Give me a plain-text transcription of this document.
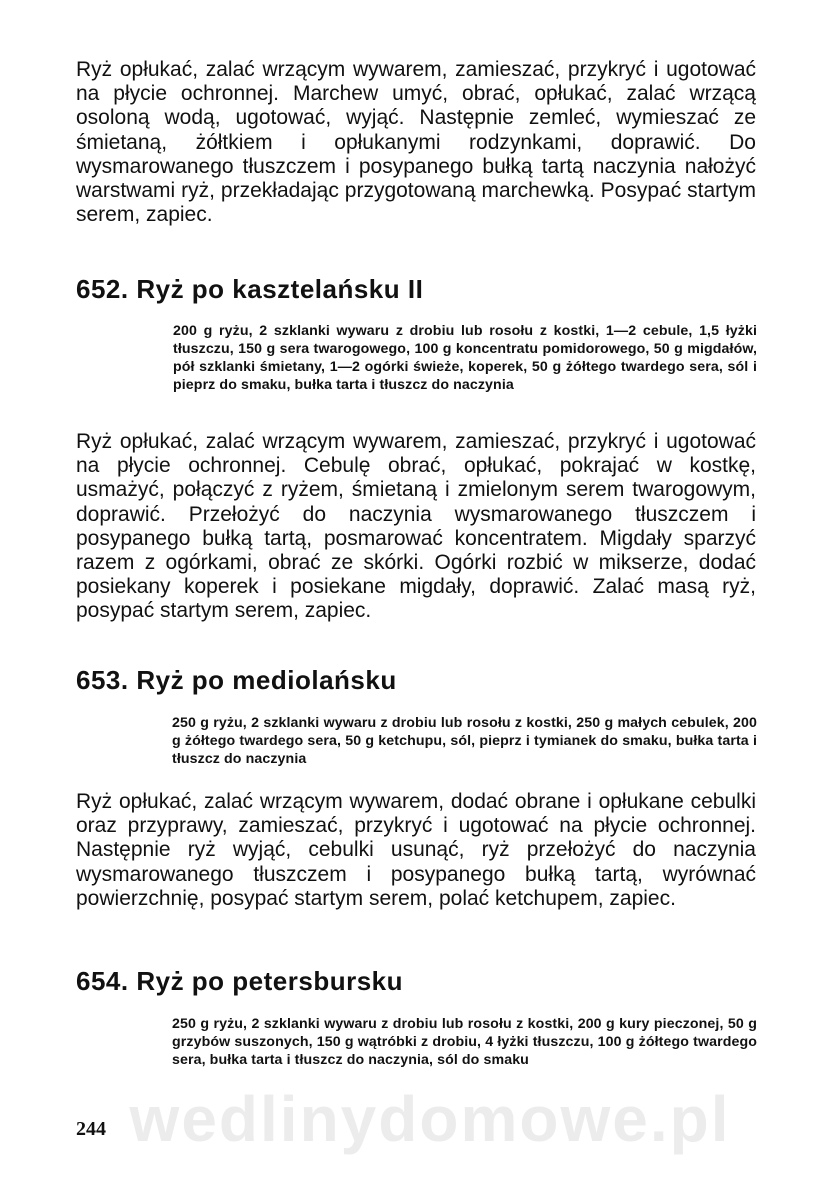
Ryż opłukać, zalać wrzącym wywarem, zamieszać, przykryć i ugotować na płycie ochronnej. Marchew umyć, obrać, opłukać, zalać wrzącą osoloną wodą, ugotować, wyjąć. Następnie zemleć, wymieszać ze śmietaną, żółtkiem i opłukanymi rodzynkami, doprawić. Do wysmarowanego tłuszczem i posypanego bułką tartą naczynia nałożyć warstwami ryż, przekładając przygotowaną marchewką. Posypać startym serem, zapiec.

652. Ryż po kasztelańsku II

200 g ryżu, 2 szklanki wywaru z drobiu lub rosołu z kostki, 1—2 cebule, 1,5 łyżki tłuszczu, 150 g sera twarogowego, 100 g koncentratu pomidorowego, 50 g migdałów, pół szklanki śmietany, 1—2 ogórki świeże, koperek, 50 g żółtego twardego sera, sól i pieprz do smaku, bułka tarta i tłuszcz do naczynia

Ryż opłukać, zalać wrzącym wywarem, zamieszać, przykryć i ugotować na płycie ochronnej. Cebulę obrać, opłukać, pokrajać w kostkę, usmażyć, połączyć z ryżem, śmietaną i zmielonym serem twarogowym, doprawić. Przełożyć do naczynia wysmarowanego tłuszczem i posypanego bułką tartą, posmarować koncentratem. Migdały sparzyć razem z ogórkami, obrać ze skórki. Ogórki rozbić w mikserze, dodać posiekany koperek i posiekane migdały, doprawić. Zalać masą ryż, posypać startym serem, zapiec.

653. Ryż po mediolańsku

250 g ryżu, 2 szklanki wywaru z drobiu lub rosołu z kostki, 250 g małych cebulek, 200 g żółtego twardego sera, 50 g ketchupu, sól, pieprz i tymianek do smaku, bułka tarta i tłuszcz do naczynia

Ryż opłukać, zalać wrzącym wywarem, dodać obrane i opłukane cebulki oraz przyprawy, zamieszać, przykryć i ugotować na płycie ochronnej. Następnie ryż wyjąć, cebulki usunąć, ryż przełożyć do naczynia wysmarowanego tłuszczem i posypanego bułką tartą, wyrównać powierzchnię, posypać startym serem, polać ketchupem, zapiec.

654. Ryż po petersbursku

250 g ryżu, 2 szklanki wywaru z drobiu lub rosołu z kostki, 200 g kury pieczonej, 50 g grzybów suszonych, 150 g wątróbki z drobiu, 4 łyżki tłuszczu, 100 g żółtego twardego sera, bułka tarta i tłuszcz do naczynia, sól do smaku

wedlinydomowe.pl

244
